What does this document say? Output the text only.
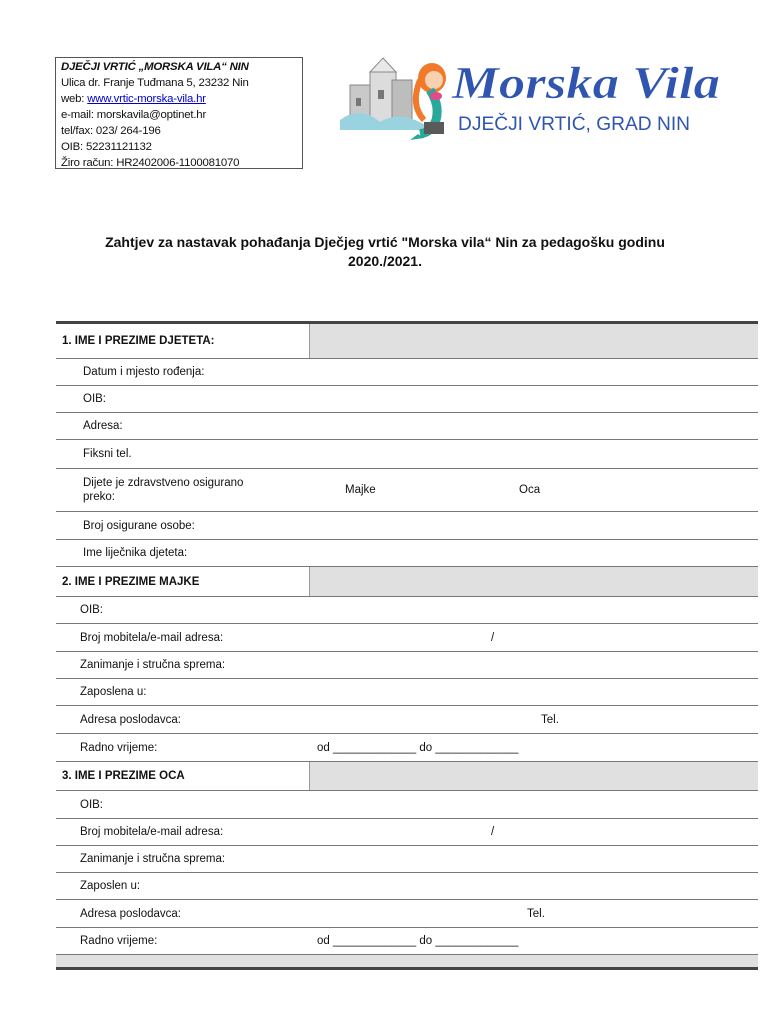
DJEČJI VRTIĆ „MORSKA VILA“ NIN
Ulica dr. Franje Tuđmana 5, 23232 Nin
web: www.vrtic-morska-vila.hr
e-mail: morskavila@optinet.hr
tel/fax: 023/ 264-196
OIB: 52231121132
Žiro račun: HR2402006-1100081070
Morska Vila
DJEČJI VRTIĆ, GRAD NIN
Zahtjev za nastavak pohađanja Dječjeg vrtić "Morska vila“ Nin za pedagošku godinu
2020./2021.
1. IME I PREZIME DJETETA:	
Datum i mjesto rođenja:	
OIB:	
Adresa:	
Fiksni tel.	
Dijete je zdravstveno osigurano preko:	Majke Oca
Broj osigurane osobe:	
Ime liječnika djeteta:	
2. IME I PREZIME MAJKE	
OIB:	
Broj mobitela/e-mail adresa:	/
Zanimanje i stručna sprema:	
Zaposlena u:	
Adresa poslodavca:	Tel.
Radno vrijeme:	od _____________ do _____________
3. IME I PREZIME OCA	
OIB:	
Broj mobitela/e-mail adresa:	/
Zanimanje i stručna sprema:	
Zaposlen u:	
Adresa poslodavca:	Tel.
Radno vrijeme:	od _____________ do _____________
